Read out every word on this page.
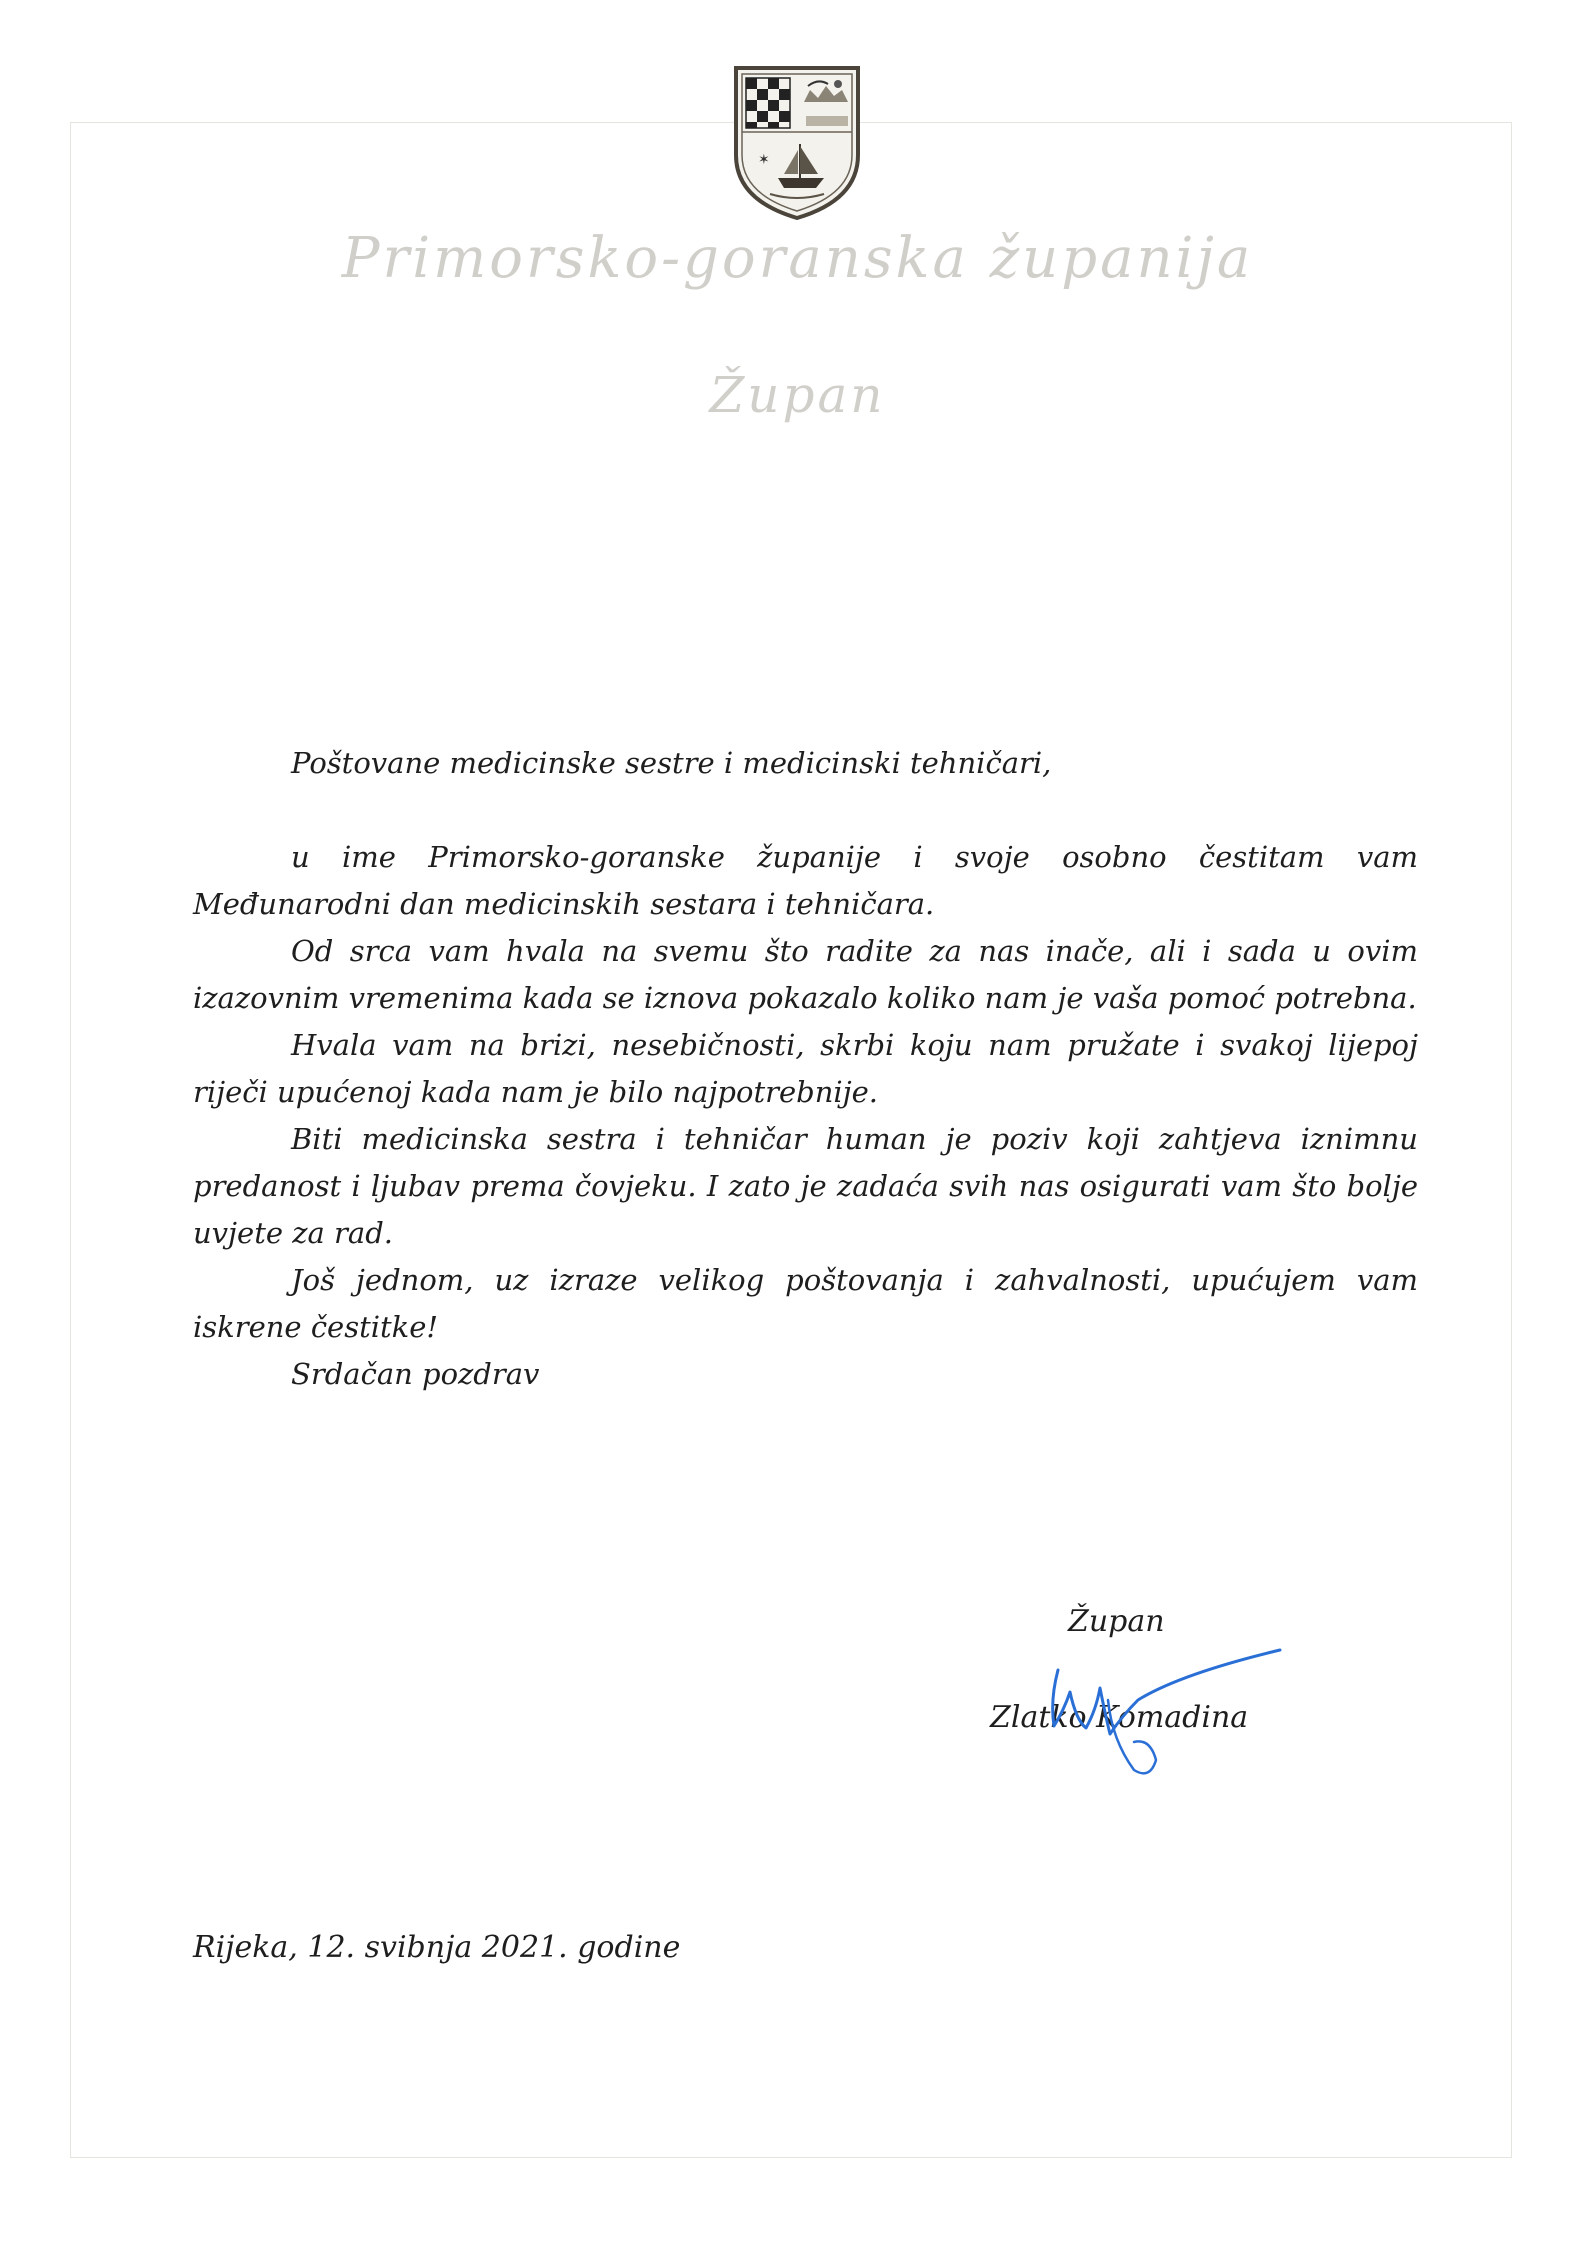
✶
Primorsko-goranska županija
Župan

Poštovane medicinske sestre i medicinski tehničari,

u ime Primorsko-goranske županije i svoje osobno čestitam vam Međunarodni dan medicinskih sestara i tehničara.

Od srca vam hvala na svemu što radite za nas inače, ali i sada u ovim izazovnim vremenima kada se iznova pokazalo koliko nam je vaša pomoć potrebna.

Hvala vam na brizi, nesebičnosti, skrbi koju nam pružate i svakoj lijepoj riječi upućenoj kada nam je bilo najpotrebnije.

Biti medicinska sestra i tehničar human je poziv koji zahtjeva iznimnu predanost i ljubav prema čovjeku. I zato je zadaća svih nas osigurati vam što bolje uvjete za rad.

Još jednom, uz izraze velikog poštovanja i zahvalnosti, upućujem vam iskrene čestitke!

Srdačan pozdrav

Župan
Zlatko Komadina
Rijeka, 12. svibnja 2021. godine
